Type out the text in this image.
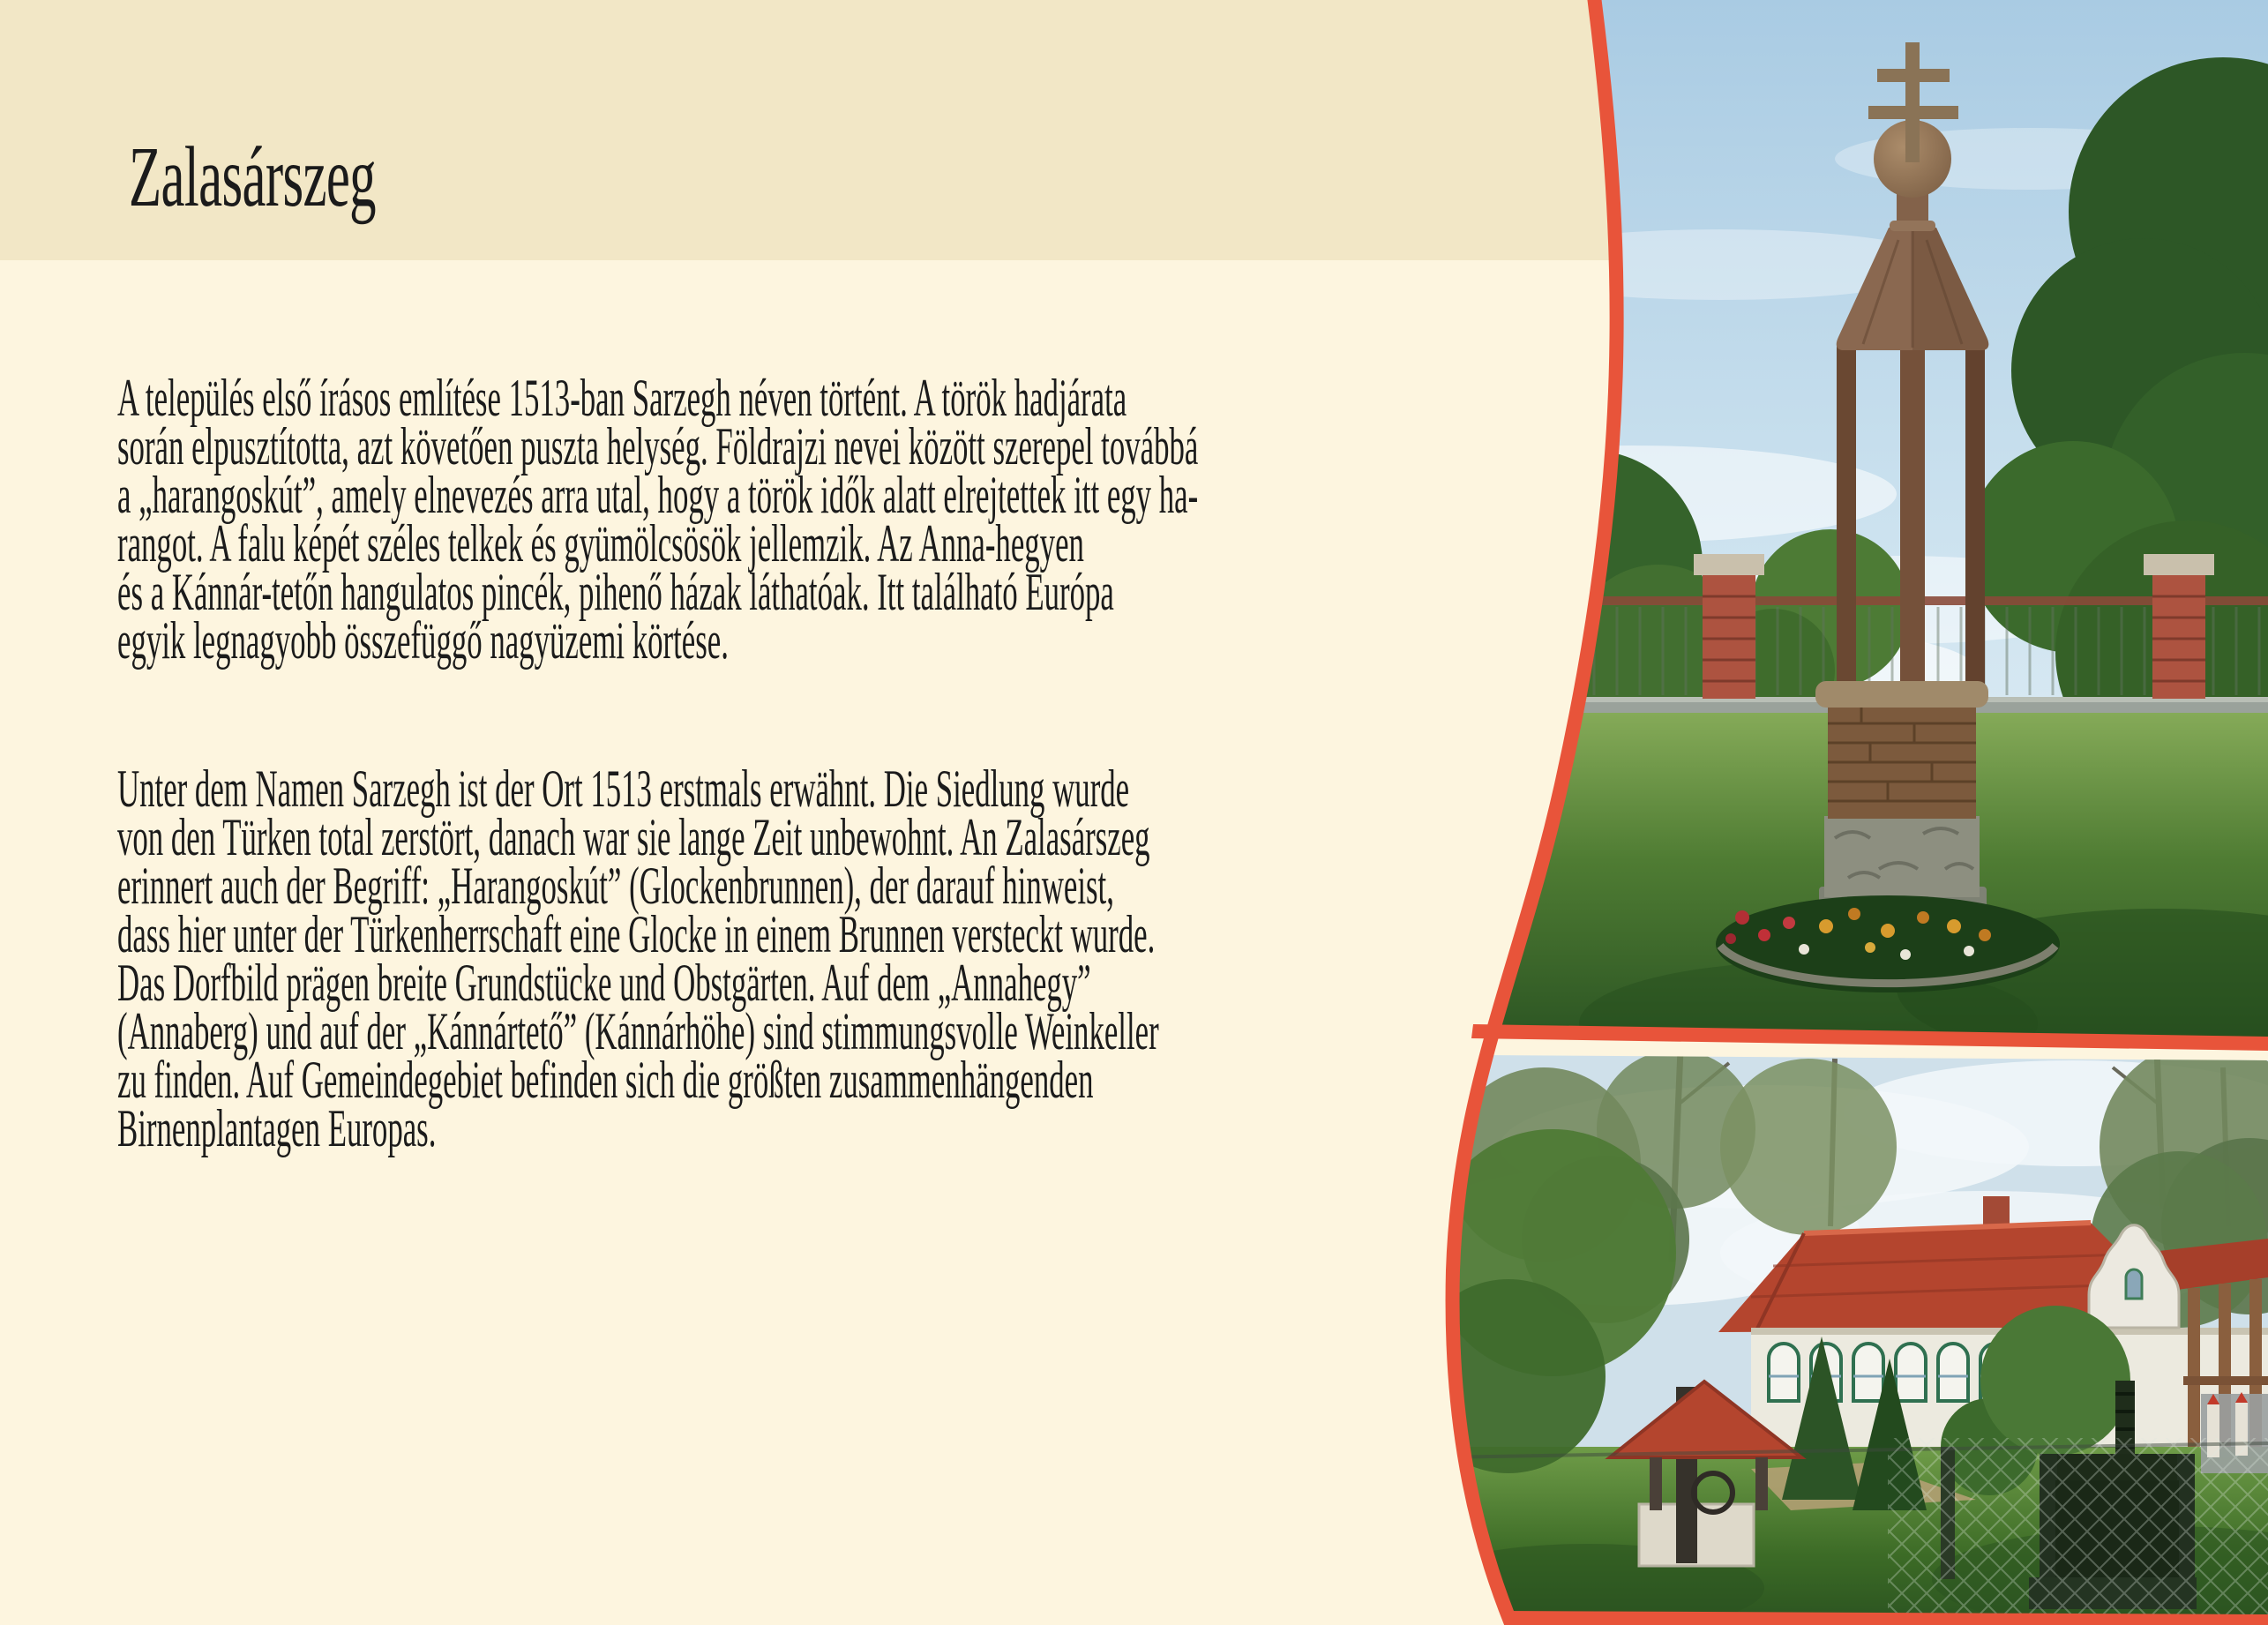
Zalasárszeg
A település első írásos említése 1513-ban Sarzegh néven történt. A török hadjárata
során elpusztította, azt követően puszta helység. Földrajzi nevei között szerepel továbbá
a „harangoskút”, amely elnevezés arra utal, hogy a török idők alatt elrejtettek itt egy ha-
rangot. A falu képét széles telkek és gyümölcsösök jellemzik. Az Anna-hegyen
és a Kánnár-tetőn hangulatos pincék, pihenő házak láthatóak. Itt található Európa
egyik legnagyobb összefüggő nagyüzemi körtése.
Unter dem Namen Sarzegh ist der Ort 1513 erstmals erwähnt. Die Siedlung wurde
von den Türken total zerstört, danach war sie lange Zeit unbewohnt. An Zalasárszeg
erinnert auch der Begriff: „Harangoskút” (Glockenbrunnen), der darauf hinweist,
dass hier unter der Türkenherrschaft eine Glocke in einem Brunnen versteckt wurde.
Das Dorfbild prägen breite Grundstücke und Obstgärten. Auf dem „Annahegy”
(Annaberg) und auf der „Kánnártető” (Kánnárhöhe) sind stimmungsvolle Weinkeller
zu finden. Auf Gemeindegebiet befinden sich die größten zusammenhängenden
Birnenplantagen Europas.
